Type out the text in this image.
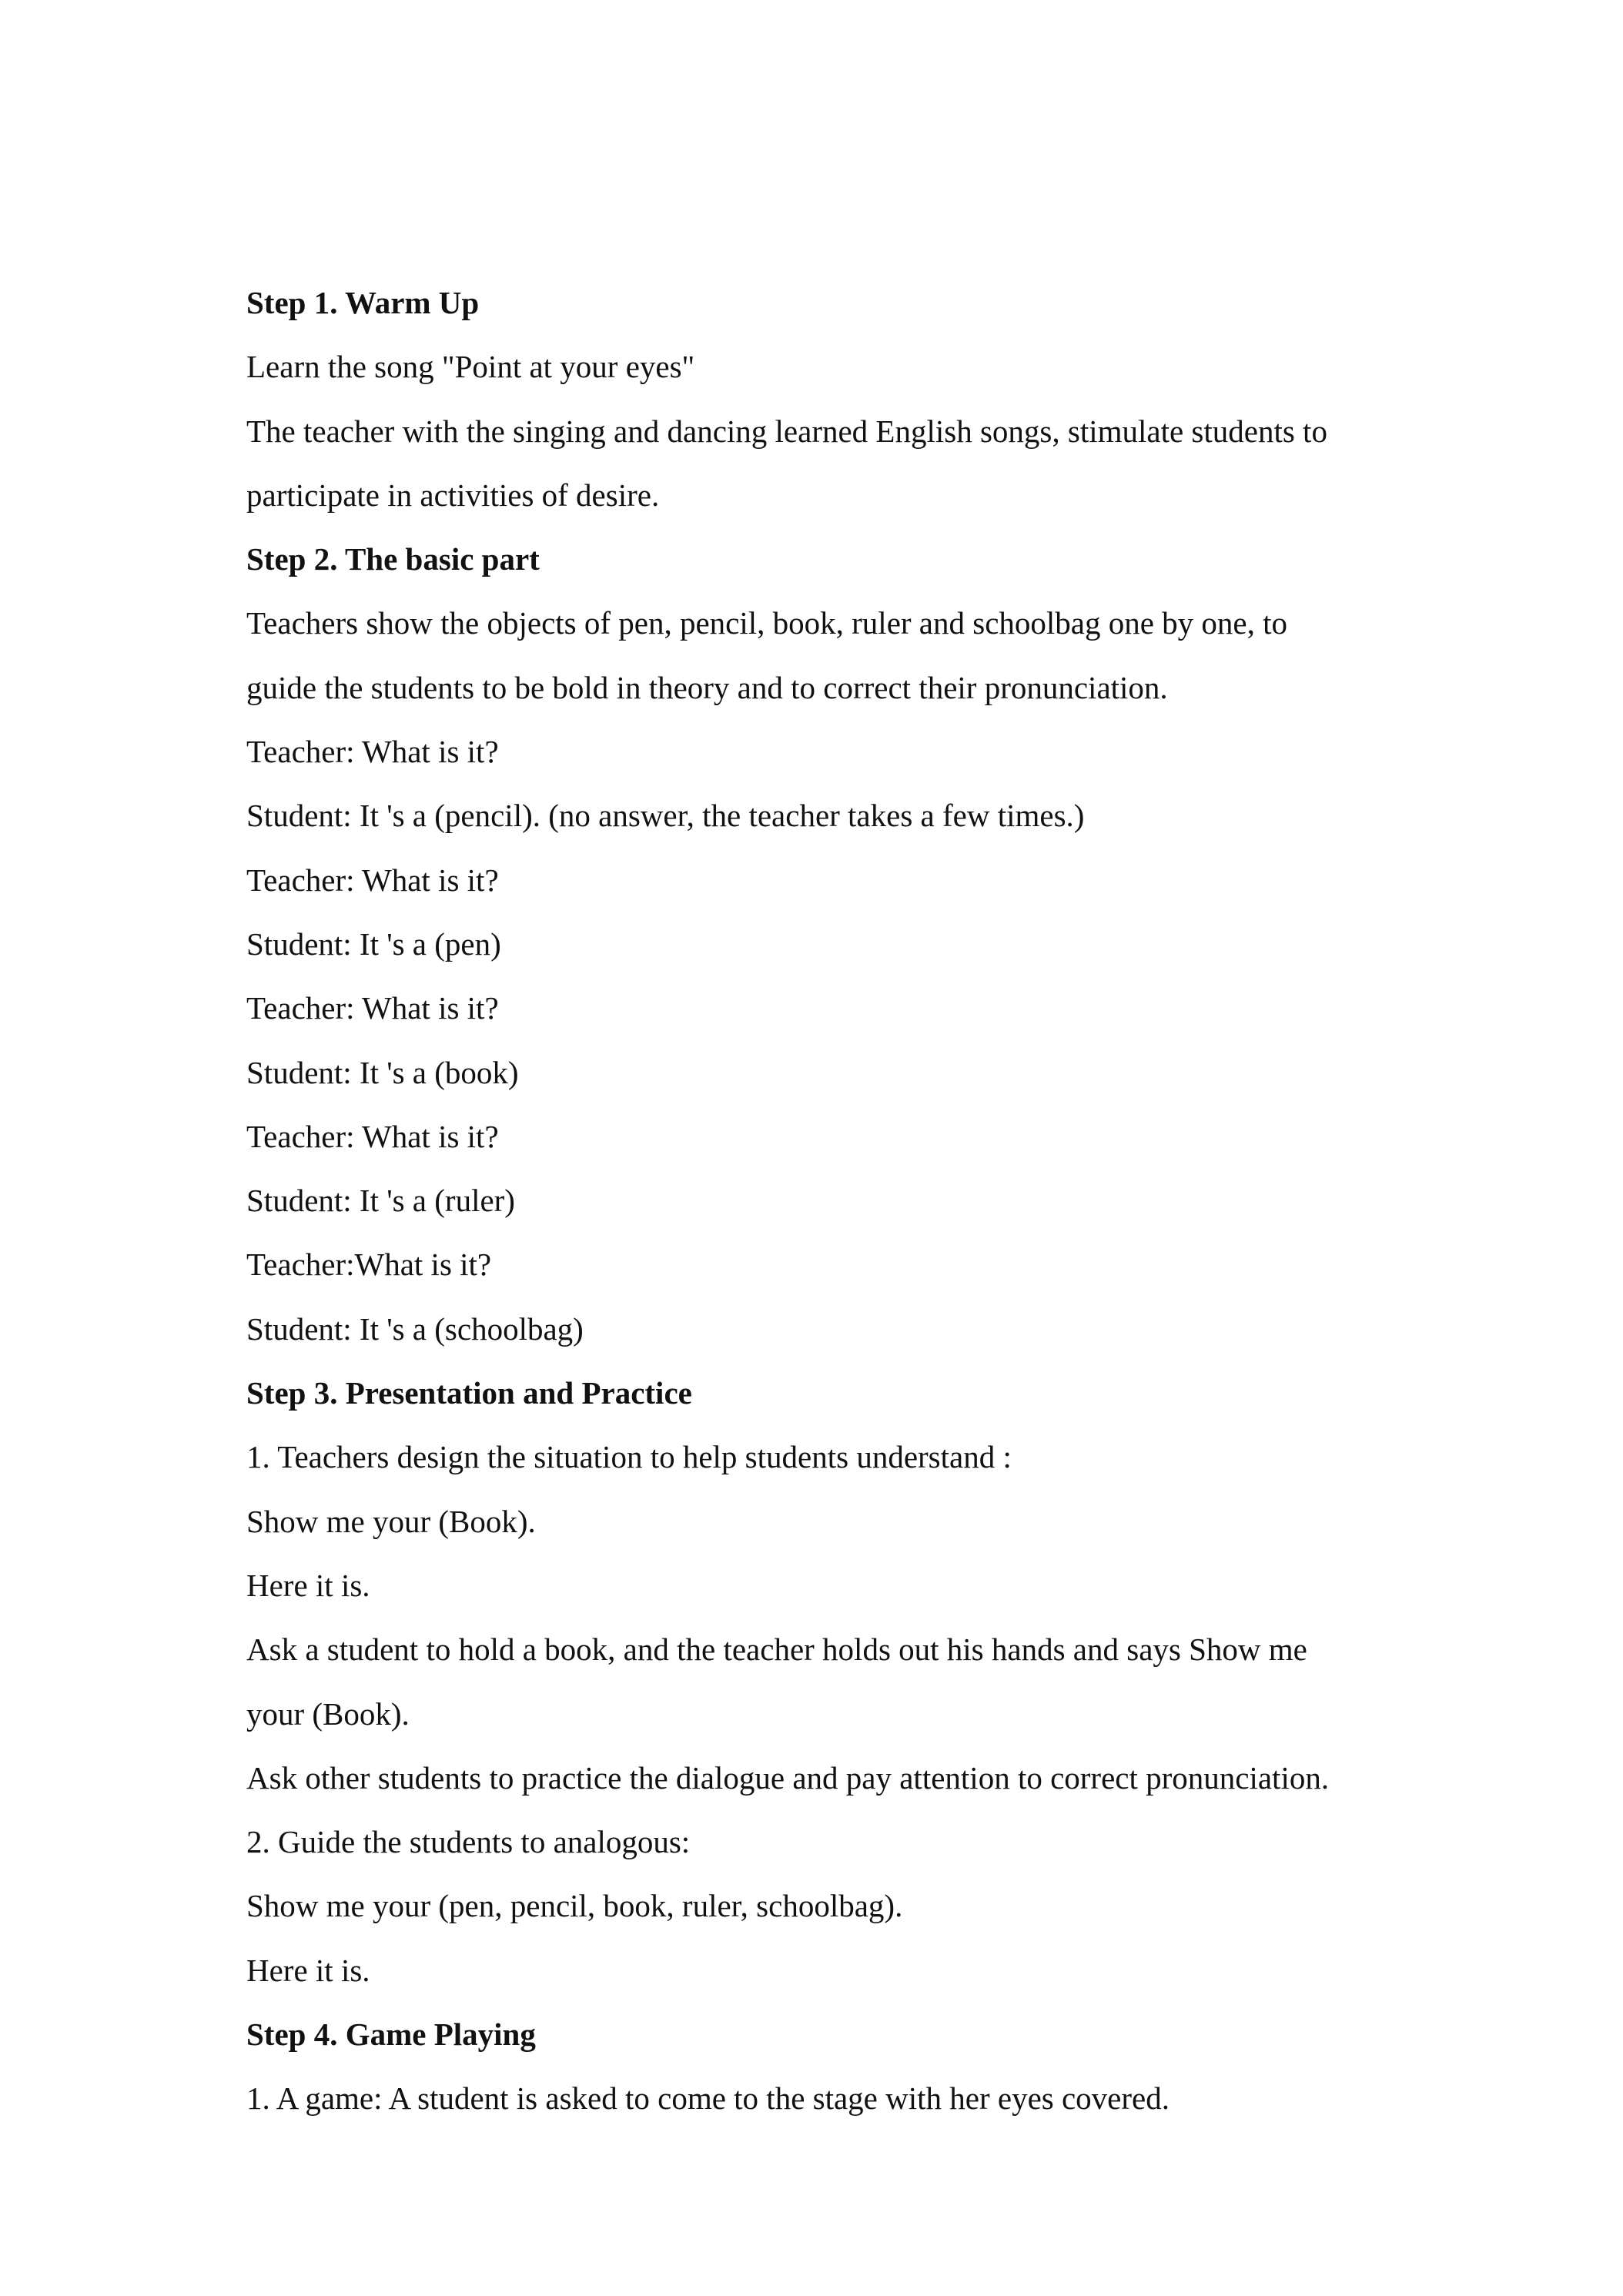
Step 1. Warm Up
Learn the song "Point at your eyes"
The teacher with the singing and dancing learned English songs, stimulate students to
participate in activities of desire.
Step 2. The basic part
Teachers show the objects of pen, pencil, book, ruler and schoolbag one by one, to
guide the students to be bold in theory and to correct their pronunciation.
Teacher: What is it?
Student: It 's a (pencil). (no answer, the teacher takes a few times.)
Teacher: What is it?
Student: It 's a (pen)
Teacher: What is it?
Student: It 's a (book)
Teacher: What is it?
Student: It 's a (ruler)
Teacher:What is it?
Student: It 's a (schoolbag)
Step 3. Presentation and Practice
1. Teachers design the situation to help students understand :
Show me your (Book).
Here it is.
Ask a student to hold a book, and the teacher holds out his hands and says Show me
your (Book).
Ask other students to practice the dialogue and pay attention to correct pronunciation.
2. Guide the students to analogous:
Show me your (pen, pencil, book, ruler, schoolbag).
Here it is.
Step 4. Game Playing
1. A game: A student is asked to come to the stage with her eyes covered.
